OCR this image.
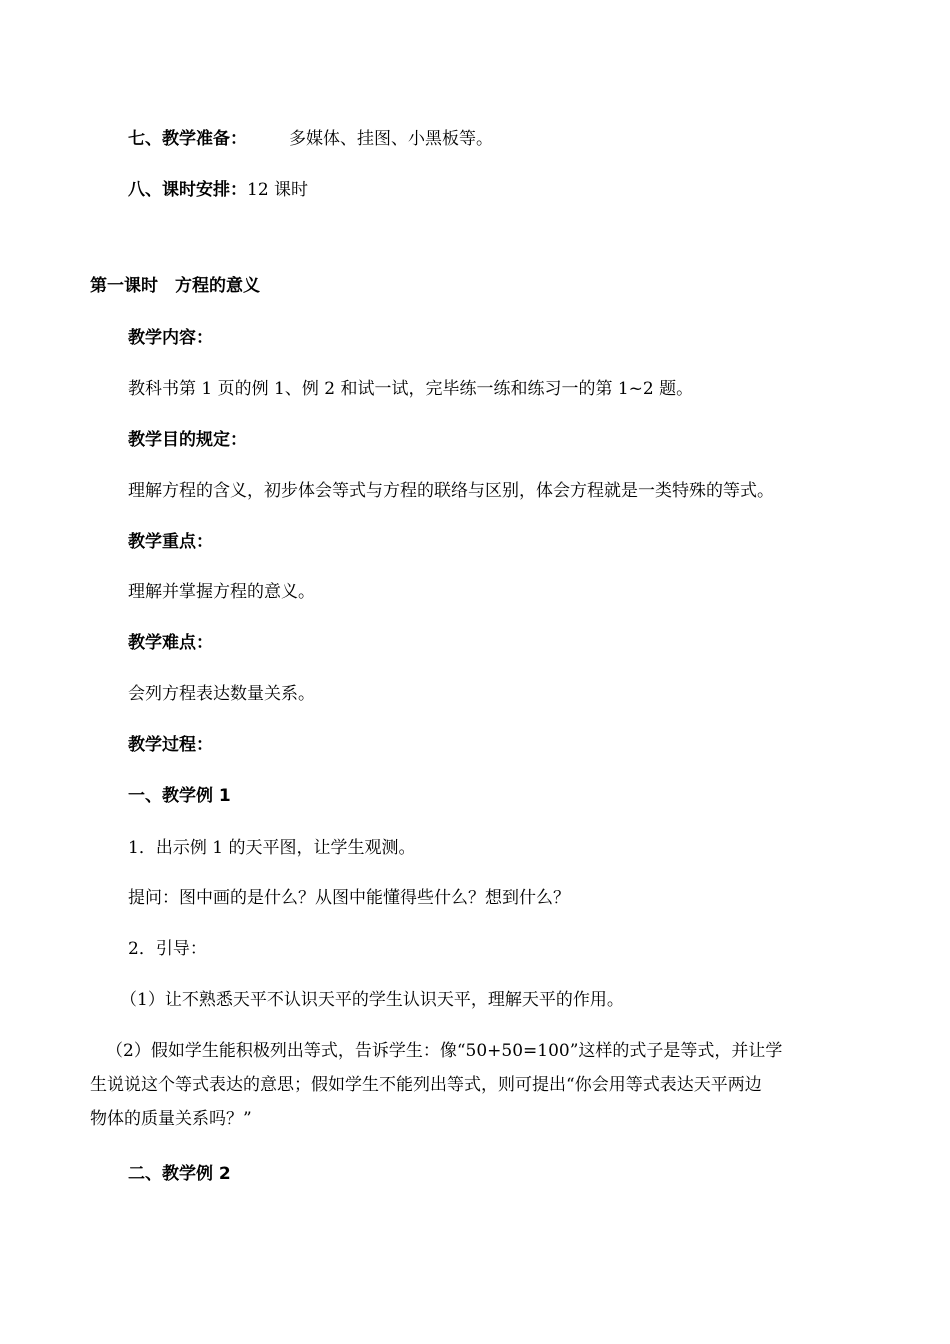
七、教学准备： 多媒体、挂图、小黑板等。
八、课时安排：12 课时
第一课时　方程的意义
教学内容：
教科书第 1 页的例 1、例 2 和试一试，完毕练一练和练习一的第 1~2 题。
教学目的规定：
理解方程的含义，初步体会等式与方程的联络与区别，体会方程就是一类特殊的等式。
教学重点：
理解并掌握方程的意义。
教学难点：
会列方程表达数量关系。
教学过程：
一、教学例 1
1．出示例 1 的天平图，让学生观测。
提问：图中画的是什么？从图中能懂得些什么？想到什么？
2．引导：
（1）让不熟悉天平不认识天平的学生认识天平，理解天平的作用。
（2）假如学生能积极列出等式，告诉学生：像“50+50=100”这样的式子是等式，并让学
生说说这个等式表达的意思；假如学生不能列出等式，则可提出“你会用等式表达天平两边
物体的质量关系吗？”
二、教学例 2
